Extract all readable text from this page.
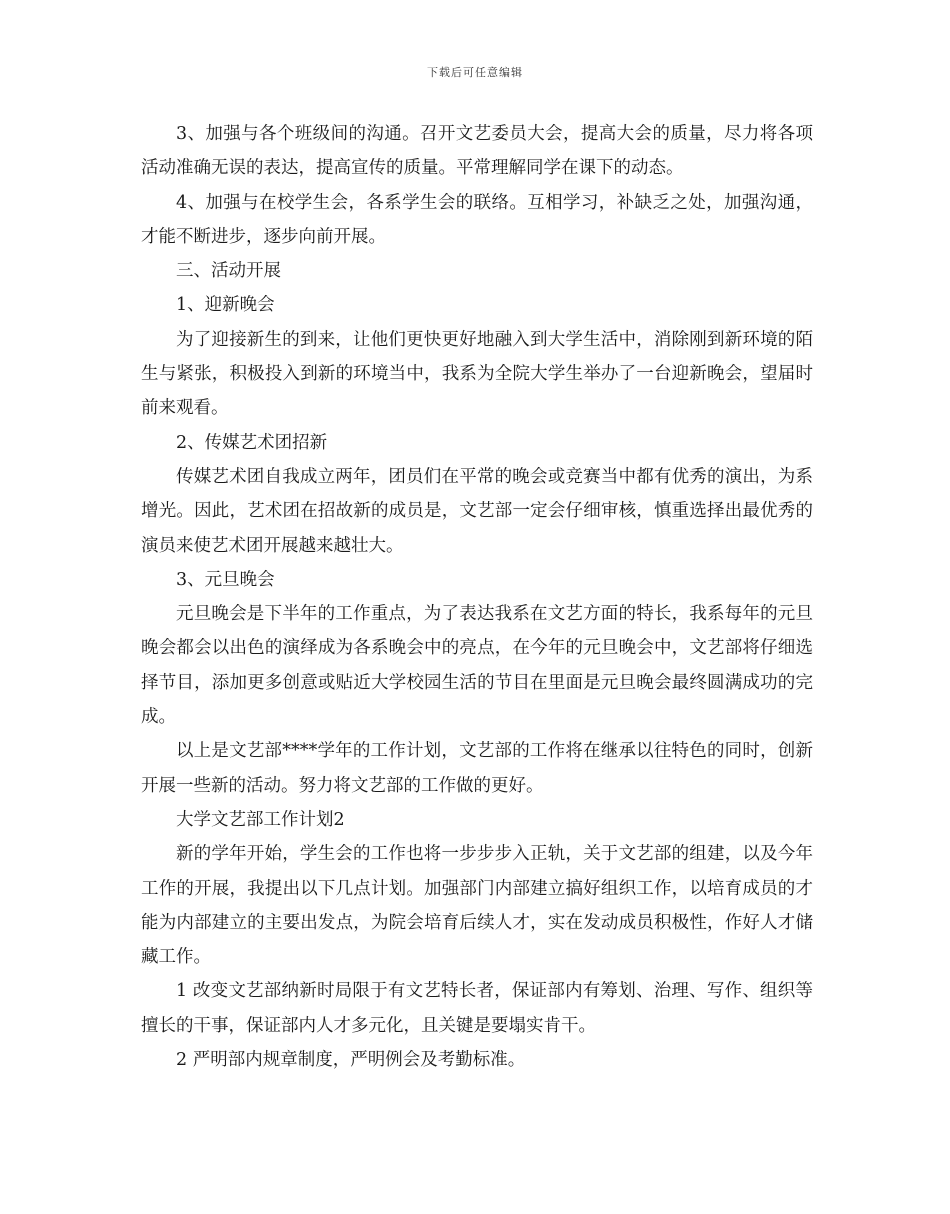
下载后可任意编辑

3、加强与各个班级间的沟通。召开文艺委员大会，提高大会的质量，尽力将各项活动准确无误的表达，提高宣传的质量。平常理解同学在课下的动态。

4、加强与在校学生会，各系学生会的联络。互相学习，补缺乏之处，加强沟通，才能不断进步，逐步向前开展。

三、活动开展

1、迎新晚会

为了迎接新生的到来，让他们更快更好地融入到大学生活中，消除刚到新环境的陌生与紧张，积极投入到新的环境当中，我系为全院大学生举办了一台迎新晚会，望届时前来观看。

2、传媒艺术团招新

传媒艺术团自我成立两年，团员们在平常的晚会或竞赛当中都有优秀的演出，为系增光。因此，艺术团在招故新的成员是，文艺部一定会仔细审核，慎重选择出最优秀的演员来使艺术团开展越来越壮大。

3、元旦晚会

元旦晚会是下半年的工作重点，为了表达我系在文艺方面的特长，我系每年的元旦晚会都会以出色的演绎成为各系晚会中的亮点，在今年的元旦晚会中，文艺部将仔细选择节目，添加更多创意或贴近大学校园生活的节目在里面是元旦晚会最终圆满成功的完成。

以上是文艺部****学年的工作计划，文艺部的工作将在继承以往特色的同时，创新开展一些新的活动。努力将文艺部的工作做的更好。

大学文艺部工作计划2

新的学年开始，学生会的工作也将一步步步入正轨，关于文艺部的组建，以及今年工作的开展，我提出以下几点计划。加强部门内部建立搞好组织工作，以培育成员的才能为内部建立的主要出发点，为院会培育后续人才，实在发动成员积极性，作好人才储藏工作。

1 改变文艺部纳新时局限于有文艺特长者，保证部内有筹划、治理、写作、组织等擅长的干事，保证部内人才多元化，且关键是要塌实肯干。

2 严明部内规章制度，严明例会及考勤标准。
